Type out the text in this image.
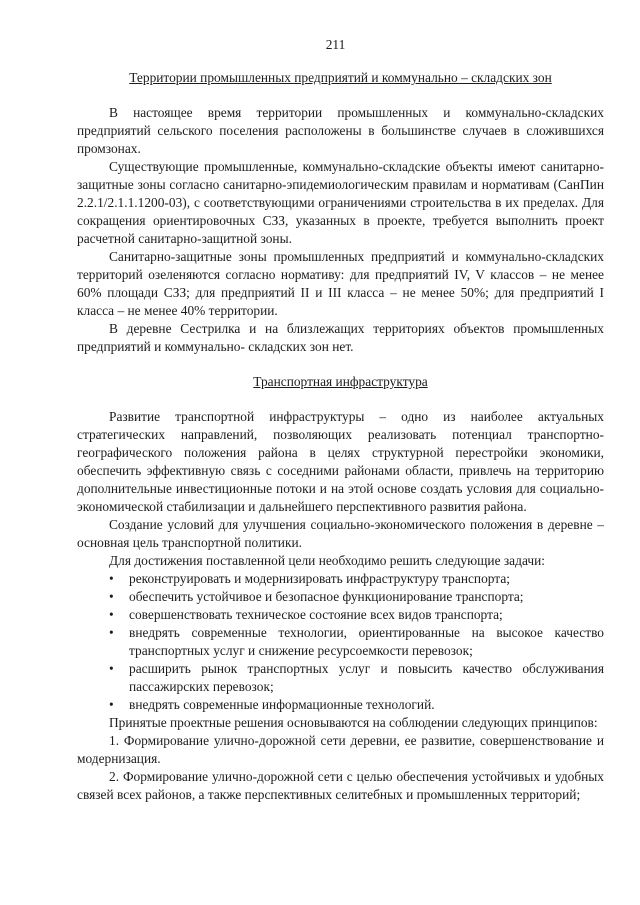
211
Территории промышленных предприятий и коммунально – складских зон

В настоящее время территории промышленных и коммунально-складских предприятий сельского поселения расположены в большинстве случаев в сложившихся промзонах.

Существующие промышленные, коммунально-складские объекты имеют санитарно-защитные зоны согласно санитарно-эпидемиологическим правилам и нормативам (СанПин 2.2.1/2.1.1.1200-03), с соответствующими ограничениями строительства в их пределах. Для сокращения ориентировочных СЗЗ, указанных в проекте, требуется выполнить проект расчетной санитарно-защитной зоны.

Санитарно-защитные зоны промышленных предприятий и коммунально-складских территорий озеленяются согласно нормативу: для предприятий IV, V классов – не менее 60% площади СЗЗ; для предприятий II и III класса – не менее 50%; для предприятий I класса – не менее 40% территории.

В деревне Сестрилка и на близлежащих территориях объектов промышленных предприятий и коммунально- складских зон нет.

Транспортная инфраструктура

Развитие транспортной инфраструктуры – одно из наиболее актуальных стратегических направлений, позволяющих реализовать потенциал транспортно-географического положения района в целях структурной перестройки экономики, обеспечить эффективную связь с соседними районами области, привлечь на территорию дополнительные инвестиционные потоки и на этой основе создать условия для социально-экономической стабилизации и дальнейшего перспективного развития района.

Создание условий для улучшения социально-экономического положения в деревне – основная цель транспортной политики.

Для достижения поставленной цели необходимо решить следующие задачи:

• реконструировать и модернизировать инфраструктуру транспорта;
• обеспечить устойчивое и безопасное функционирование транспорта;
• совершенствовать техническое состояние всех видов транспорта;
• внедрять современные технологии, ориентированные на высокое качество транспортных услуг и снижение ресурсоемкости перевозок;
• расширить рынок транспортных услуг и повысить качество обслуживания пассажирских перевозок;
• внедрять современные информационные технологий.

Принятые проектные решения основываются на соблюдении следующих принципов:

1. Формирование улично-дорожной сети деревни, ее развитие, совершенствование и модернизация.

2. Формирование улично-дорожной сети с целью обеспечения устойчивых и удобных связей всех районов, а также перспективных селитебных и промышленных территорий;
